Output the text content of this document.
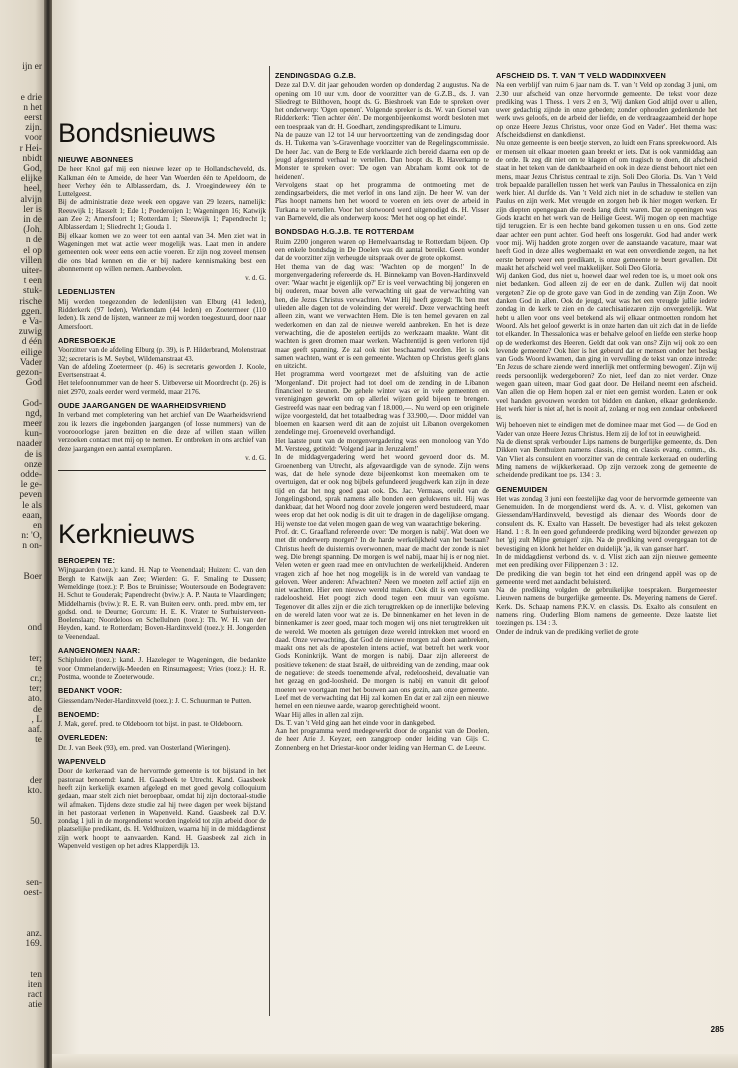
ijn er
e drie
n het
eerst
zijn.
voor
r Hei-
nbidt
God,
elijke
heel,
alvijn
ler is
in de
(Joh.
n de
el op
villen
uiter-
t een
stuk-
rische
ggen.
e Va-
zuwig
d één
eilige
Vader
gezon-
God
God-
ngd,
meer
kun-
naader
de is
onze
odde-
le ge-
peven
le als
eaan,
en
n: 'O,
n on-
Boer
ond
ter;
te
cr.;
ter;
ato.
de
, L
aaf.
te
der
kto.
50.
sen-
oest-
anz.
169.
ten
iten
ract
atie
Bondsnieuws
NIEUWE ABONNEES

De heer Knol gaf mij een nieuwe lezer op te Hollandscheveld, ds. Kalkman één te Ameide, de heer Van Woerden één te Apeldoorn, de heer Verhey één te Alblasserdam, ds. J. Vroegindeweey één te Luttelgeest.
Bij de administratie deze week een opgave van 29 lezers, namelijk: Reeuwijk 1; Hasselt 1; Ede 1; Poederoijen 1; Wageningen 16; Katwijk aan Zee 2; Amersfoort 1; Rotterdam 1; Sleeuwijk 1; Papendrecht 1; Alblasserdam 1; Sliedrecht 1; Gouda 1.
Bij elkaar komen we zo weer tot een aantal van 34. Men ziet wat in Wageningen met wat actie weer mogelijk was. Laat men in andere gemeenten ook weer eens een actie voeren. Er zijn nog zoveel mensen die ons blad kennen en die er bij nadere kennismaking best een abonnement op willen nemen. Aanbevolen.

v. d. G.

LEDENLIJSTEN

Mij werden toegezonden de ledenlijsten van Elburg (41 leden), Ridderkerk (97 leden), Werkendam (44 leden) en Zoetermeer (110 leden). Ik zend de lijsten, wanneer ze mij worden toegestuurd, door naar Amersfoort.

ADRESBOEKJE

Voorzitter van de afdeling Elburg (p. 39), is P. Hilderbrand, Molenstraat 32; secretaris is M. Seybel, Wildemanstraat 43.
Van de afdeling Zoetermeer (p. 46) is secretaris geworden J. Koole, Evertsenstraat 4.
Het telefoonnummer van de heer S. Uitbeverse uit Moordrecht (p. 26) is niet 2970, zoals eerder werd vermeld, maar 2176.

OUDE JAARGANGEN DE WAARHEIDSVRIEND

In verband met completering van het archief van De Waarheidsvriend zou ik lezers die ingebonden jaargangen (of losse nummers) van de voorooorlogse jaren bezitten en die deze af willen staan willen verzoeken contact met mij op te nemen. Er ontbreken in ons archief van deze jaargangen een aantal exemplaren.

v. d. G.

Kerknieuws
BEROEPEN TE:

Wijngaarden (toez.): kand. H. Nap te Veenendaal; Huizen: C. van den Bergh te Katwijk aan Zee; Wierden: G. F. Smaling te Dussen; Wemeldinge (toez.): P. Bos te Bruinisse; Woutersoude en Bodegraven: H. Schut te Gouderak; Papendrecht (bviw.): A. P. Nauta te Vlaardingen; Middelharnis (bviw.): R. E. R. van Buiten eerv. onth. pred. mbv em, ter godsd. ond. te Deurne; Gorcum: H. E. K. Vrater te Surhuisterveen-Boelenslaan; Noordeloos en Schellulnen (toez.): Th. W. H. van der Heyden, kand. te Rotterdam; Boven-Hardinxveld (toez.): H. Jongerden te Veenendaal.

AANGENOMEN NAAR:

Schipluiden (toez.): kand. J. Hazeleger te Wageningen, die bedankte voor Ommelanderwijk-Meeden en Rinsumageest; Vries (toez.): H. R. Postma, woonde te Zoeterwoude.

BEDANKT VOOR:

Giessendam/Neder-Hardinxveld (toez.): J. C. Schuurman te Putten.

BENOEMD:

J. Mak, geref. pred. te Oldeboorn tot bijst. in past. te Oldeboorn.

OVERLEDEN:

Dr. J. van Beek (93), em. pred. van Oosterland (Wieringen).

WAPENVELD

Door de kerkeraad van de hervormde gemeente is tot bijstand in het pastoraat benoemd: kand. H. Gaasbeek te Utrecht. Kand. Gaasbeek heeft zijn kerkelijk examen afgelegd en met goed gevolg colloquium gedaan, maar stelt zich niet beroepbaar, omdat hij zijn doctoraal-studie wil afmaken. Tijdens deze studie zal hij twee dagen per week bijstand in het pastoraat verlenen in Wapenveld. Kand. Gaasbeek zal D.V. zondag 1 juli in de morgendienst worden ingeleid tot zijn arbeid door de plaatselijke predikant, ds. H. Veldhuizen, waarna hij in de middagdienst zijn werk hoopt te aanvaarden. Kand. H. Gaasbeek zal zich in Wapenveld vestigen op het adres Klapperdijk 13.

ZENDINGSDAG G.Z.B.

Deze zal D.V. dit jaar gehouden worden op donderdag 2 augustus. Na de opening om 10 uur v.m. door de voorzitter van de G.Z.B., ds. J. van Sliedregt te Bilthoven, hoopt ds. G. Bieshroek van Ede te spreken over het onderwerp: 'Ogen openen'. Volgende spreker is ds. W. van Gorsel van Ridderkerk: 'Tien achter één'. De morgenbijeenkomst wordt besloten met een toespraak van dr. H. Goedhart, zendingspredikant te Limuru.
Na de pauze van 12 tot 14 uur hervoortzetting van de zendingsdag door ds. H. Tukema van 's-Gravenhage voorzitter van de Regelingscommissie. De heer Jac. van de Berg te Ede verklaarde zich bereid daarna een op de jeugd afgestemd verhaal te vertellen. Dan hoopt ds. B. Haverkamp te Monster te spreken over: 'De ogen van Abraham komt ook tot de heidenen'.
Vervolgens staat op het programma de ontmoeting met de zendingsarbeiders, die met verlof in ons land zijn. De heer W. van der Plas hoopt namens hen het woord te voeren en iets over de arbeid in Turkana te vertellen. Voor het slotwoord werd uitgenodigd ds. H. Visser van Barneveld, die als onderwerp koos: 'Met het oog op het einde'.

BONDSDAG H.G.J.B. TE ROTTERDAM

Ruim 2200 jongeren waren op Hemelvaartsdag te Rotterdam bijeen. Op een enkele bondsdag in De Doelen was dit aantal bereikt. Geen wonder dat de voorzitter zijn verheugde uitspraak over de grote opkomst.
Het thema van de dag was: 'Wachten op de morgen!' In de morgenvergadering refereerde ds. H. Binnekamp van Boven-Hardinxveld over: 'Waar wacht je eigenlijk op?' Er is veel verwachting bij jongeren en bij ouderen, maar boven alle verwachting uit gaat de verwachting van hen, die Jezus Christus verwachten. Want Hij heeft gezegd: 'Ik ben met ulieden alle dagen tot de voleinding der wereld'. Deze verwachting heeft alleen zin, want we verwachten Hem. Die is ten hemel gevaren en zal wederkomen en dan zal de nieuwe wereld aanbreken. En het is deze verwachting, die de apostelen eertijds zo werkzaam maakte. Want dit wachten is geen dromen maar werken. Wachtentijd is geen verloren tijd maar geeft spanning. Ze zal ook niet beschaamd worden. Het is ook samen wachten, want er is een gemeente. Wachten op Christus geeft glans en uitzicht.
Het programma werd voortgezet met de afsluiting van de actie 'Morgenland'. Dit project had tot doel om de zending in de Libanon financieel te steunen. De gehele winter was er in vele gemeenten en verenigingen gewerkt om op allerlei wijzen geld bijeen te brengen. Gestreefd was naar een bedrag van f 18.000,—. Nu werd op een originele wijze voorgesteld, dat het totaalbedrag was f 33.900,—. Door middel van bloemen en kaarsen werd dit aan de zojuist uit Libanon overgekomen zendelinge mej. Groeneveld overhandigd.
Het laatste punt van de morgenvergadering was een monoloog van Ydo M. Versteeg, getiteld: 'Volgend jaar in Jeruzalem!'
In de middagvergadering werd het woord gevoerd door ds. M. Groenenberg van Utrecht, als afgevaardigde van de synode. Zijn wens was, dat de hele synode deze bijeenkomst kon meemaken om te overtuigen, dat er ook nog bijbels gefundeerd jeugdwerk kan zijn in deze tijd en dat het nog goed gaat ook. Ds. Jac. Vermaas, oreild van de Jongelingsbond, sprak namens alle bonden een gelukwens uit. Hij was dankbaar, dat het Woord nog door zovele jongeren werd bestudeerd, maar wees erop dat het ook nodig is dit uit te dragen in de dagelijkse omgang. Hij wenste toe dat velen mogen gaan de weg van waarachtige bekering.
Prof. dr. C. Graafland refereerde over: 'De morgen is nabij'. Wat doen we met dit onderwerp morgen? In de harde werkelijkheid van het bestaan? Christus heeft de duisternis overwonnen, maar de macht der zonde is niet weg. Die brengt spanning. De morgen is wel nabij, maar hij is er nog niet. Velen weten er geen raad mee en ontvluchten de werkelijkheid. Anderen vragen zich af hoe het nog mogelijk is in de wereld van vandaag te geloven. Weer anderen: Afwachten? Neen we moeten zelf actief zijn en niet wachten. Hier een nieuwe wereld maken. Ook dit is een vorm van radeloosheid. Het poogt zich dood tegen een muur van egoïsme. Tegenover dit alles zijn er die zich terugtrekken op de innerlijke beleving en de wereld laten voor wat ze is. De binnenkamer en het leven in de binnenkamer is zeer goed, maar toch mogen wij ons niet terugtrekken uit de wereld. We moeten als getuigen deze wereld intrekken met woord en daad. Onze verwachting, dat God de nieuwe morgen zal doen aanbreken, maakt ons net als de apostelen intens actief, wat betreft het werk voor Gods Koninkrijk. Want de morgen is nabij. Daar zijn allereerst de positieve tekenen: de staat Israël, de uitbreiding van de zending, maar ook de negatieve: de steeds toenemende afval, redeloosheid, devaluatie van het gezag en god-loosheid. De morgen is nabij en vanuit dit geloof moeten we voortgaan met het bouwen aan ons gezin, aan onze gemeente. Leef met de verwachting dat Hij zal komen En dat er zal zijn een nieuwe hemel en een nieuwe aarde, waarop gerechtigheid woont.
Waar Hij alles in allen zal zijn.
Ds. T. van 't Veld ging aan het einde voor in dankgebed.
Aan het programma werd medegewerkt door de organist van de Doelen, de heer Arie J. Keyzer, een zanggroep onder leiding van Gijs C. Zonnenberg en het Driestar-koor onder leiding van Herman C. de Leeuw.

AFSCHEID DS. T. VAN 'T VELD WADDINXVEEN

Na een verblijf van ruim 6 jaar nam ds. T. van 't Veld op zondag 3 juni, om 2.30 uur afscheid van onze hervormde gemeente. De tekst voor deze prediking was 1 Thess. 1 vers 2 en 3, 'Wij danken God altijd over u allen, uwer gedachtig zijnde in onze gebeden; zonder ophouden gedenkende het werk uws geloofs, en de arbeid der liefde, en de verdraagzaamheid der hope op onze Heere Jezus Christus, voor onze God en Vader'. Het thema was: Afscheidsdienst en dankdienst.
Nu onze gemeente is een beetje sterven, zo luidt een Frans spreekwoord. Als er mensen uit elkaar moeten gaan breekt er iets. Dat is ook vanmiddag aan de orde. Ik zeg dit niet om te klagen of om tragisch te doen, dit afscheid staat in het teken van de dankbaarheid en ook in deze dienst behoort niet een mens, maar Jezus Christus centraal te zijn. Soli Deo Gloria. Ds. Van 't Veld trok bepaalde parallellen tussen het werk van Paulus in Thessalonica en zijn werk hier. Al durfde ds. Van 't Veld zich niet in de schaduw te stellen van Paulus en zijn werk. Met vreugde en zorgen heb ik hier mogen werken. Er zijn diepten opengegaan die reeds lang dicht waren. Dat ze openingen was Gods kracht en het werk van de Heilige Geest. Wij mogen op een machtige tijd terugzien. Er is een hechte band gekomen tussen u en ons. God zette daar achter een punt achter. God heeft ons losgerukt. God had ander werk voor mij. Wij hadden grote zorgen over de aanstaande vacature, maar wat heeft God in deze alles wegbemaakt en wat een onverdiende zegen, na het eerste beroep weer een predikant, is onze gemeente te beurt gevallen. Dit maakt het afscheid wel veel makkelijker. Soli Deo Gloria.
Wij danken God, dus niet u, hoewel daar wel reden toe is, u moet ook ons niet bedanken. God alleen zij de eer en de dank. Zullen wij dat nooit vergeten? Zie op de grote gave van God in de zending van Zijn Zoon. We danken God in allen. Ook de jeugd, wat was het een vreugde jullie iedere zondag in de kerk te zien en de catechisatiezaren zijn onvergetelijk. Wat hebt u allen voor ons veel betekend als wij elkaar ontmoetten rondom het Woord. Als het geloof gewerkt is in onze harten dan uit zich dat in de liefde tot elkander. In Thessalonica was er behalve geloof en liefde een sterke hoop op de wederkomst des Heeren. Geldt dat ook van ons? Zijn wij ook zo een levende gemeente? Ook hier is het gebeurd dat er mensen onder het beslag van Gods Woord kwamen, dan ging in vervulling de tekst van onze intrede: 'En Jezus de schare ziende werd innerlijk met ontferming bewogen'. Zijn wij reeds persoonlijk wedergeboren? Zo niet, leef dan zo niet verder. Onze wegen gaan uiteen, maar God gaat door. De Heiland neemt een afscheid. Van allen die op Hem hopen zal er niet een gemist worden. Laten er ook veel handen gevouwen worden tot bidden en danken, elkaar gedenkende. Het werk hier is niet af, het is nooit af, zolang er nog een zondaar onbekeerd is.
Wij behoeven niet te eindigen met de dominee maar met God — de God en Vader van onze Heere Jezus Christus. Hem zij de lof tot in eeuwigheid.
Na de dienst sprak verbouder Lips namens de burgerlijke gemeente, ds. Den Dikken van Benthuizen namens classis, ring en classis evang. comm., ds. Van Vliet als consulent en voorzitter van de centrale kerkeraad en ouderling Ming namens de wijkkerkeraad. Op zijn verzoek zong de gemeente de scheidende predikant toe ps. 134 : 3.

GENEMUIDEN

Het was zondag 3 juni een feestelijke dag voor de hervormde gemeente van Genemuiden. In de morgendienst werd ds. A. v. d. Vlist, gekomen van Giessendam/Hardinxveld, bevestigd als dienaar des Woords door de consulent ds. K. Exalto van Hasselt. De bevestiger had als tekst gekozen Hand. 1 : 8. In een goed gefundeerde prediking werd bijzonder gewezen op het 'gij zult Mijne getuigen' zijn. Na de prediking werd overgegaan tot de bevestiging en klonk het helder en duidelijk 'ja, ik van ganser hart'.
In de middagdienst verbond ds. v. d. Vlist zich aan zijn nieuwe gemeente met een prediking over Filippenzen 3 : 12.
De prediking die van begin tot het eind een dringend appèl was op de gemeente werd met aandacht beluisterd.
Na de prediking volgden de gebruikelijke toespraken. Burgemeester Lieuwen namens de burgerlijke gemeente. Ds. Meyering namens de Geref. Kerk. Ds. Schaap namens P.K.V. en classis. Ds. Exalto als consulent en namens ring. Ouderling Blom namens de gemeente. Deze laatste liet toezingen ps. 134 : 3.
Onder de indruk van de prediking verliet de grote

285
